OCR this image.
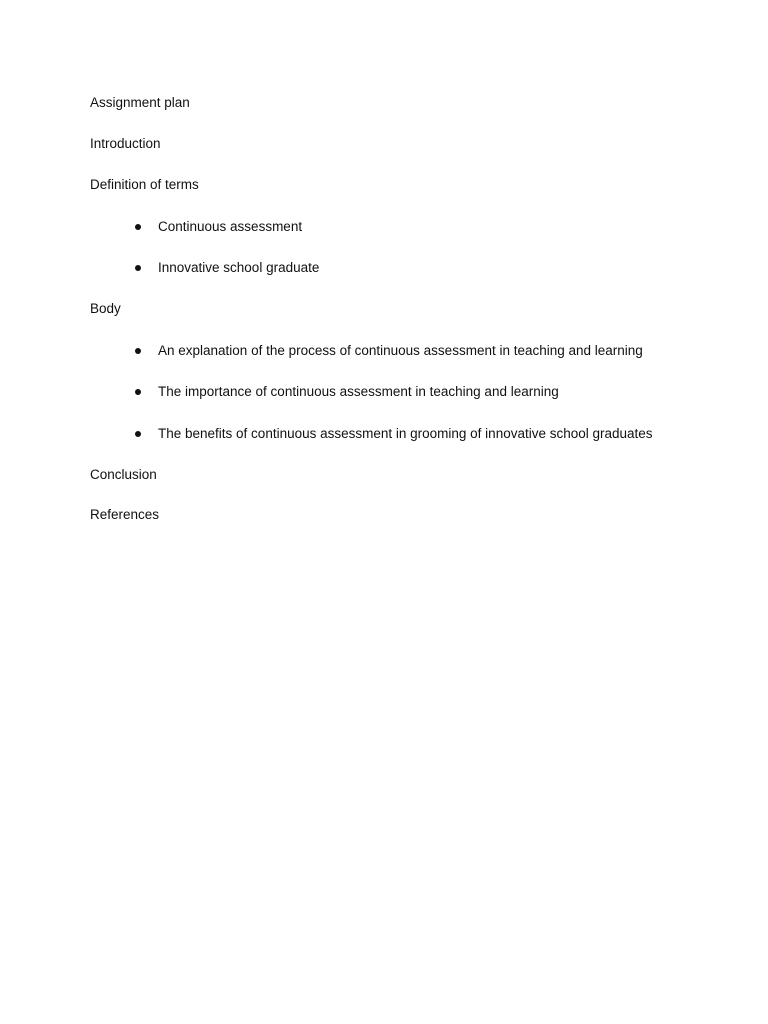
Assignment plan
Introduction
Definition of terms
Continuous assessment
Innovative school graduate
Body
An explanation of the process of continuous assessment in teaching and learning
The importance of continuous assessment in teaching and learning
The benefits of continuous assessment in grooming of innovative school graduates
Conclusion
References
